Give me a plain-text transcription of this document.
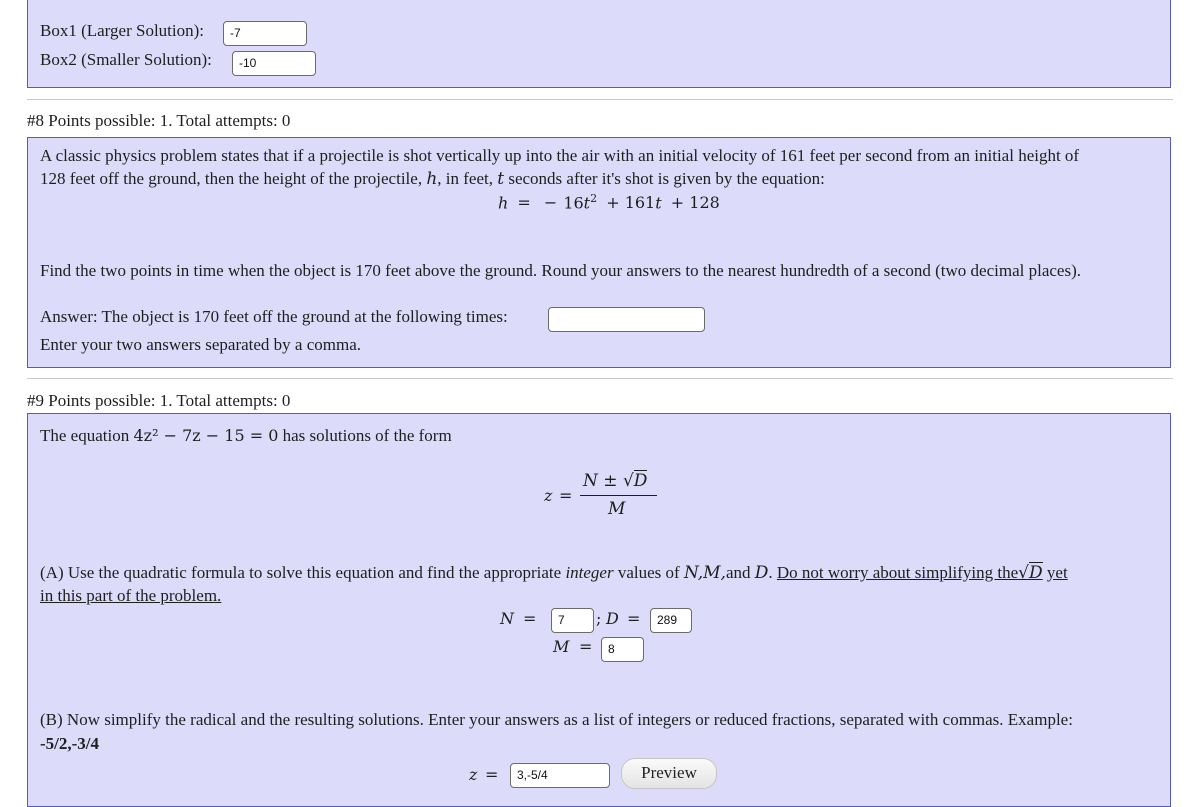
Box1 (Larger Solution):	-7
Box2 (Smaller Solution):	-10
#8 Points possible: 1. Total attempts: 0
A classic physics problem states that if a projectile is shot vertically up into the air with an initial velocity of 161 feet per second from an initial height of
128 feet off the ground, then the height of the projectile, h, in feet, t seconds after it's shot is given by the equation:
h = − $16t^2 + 161t + 128$
Find the two points in time when the object is 170 feet above the ground. Round your answers to the nearest hundredth of a second (two decimal places).
Answer: The object is 170 feet off the ground at the following times:
Enter your two answers separated by a comma.
#9 Points possible: 1. Total attempts: 0
The equation 4z² − 7z − 15 = 0 has solutions of the form
z =
N ± √D
M
(A) Use the quadratic formula to solve this equation and find the appropriate integer values of N,M,and D. Do not worry about simplifying the√D yet
in this part of the problem.
N =	7	; D =	289
M =	8
(B) Now simplify the radical and the resulting solutions. Enter your answers as a list of integers or reduced fractions, separated with commas. Example:
-5/2,-3/4
z =	3,-5/4	Preview
